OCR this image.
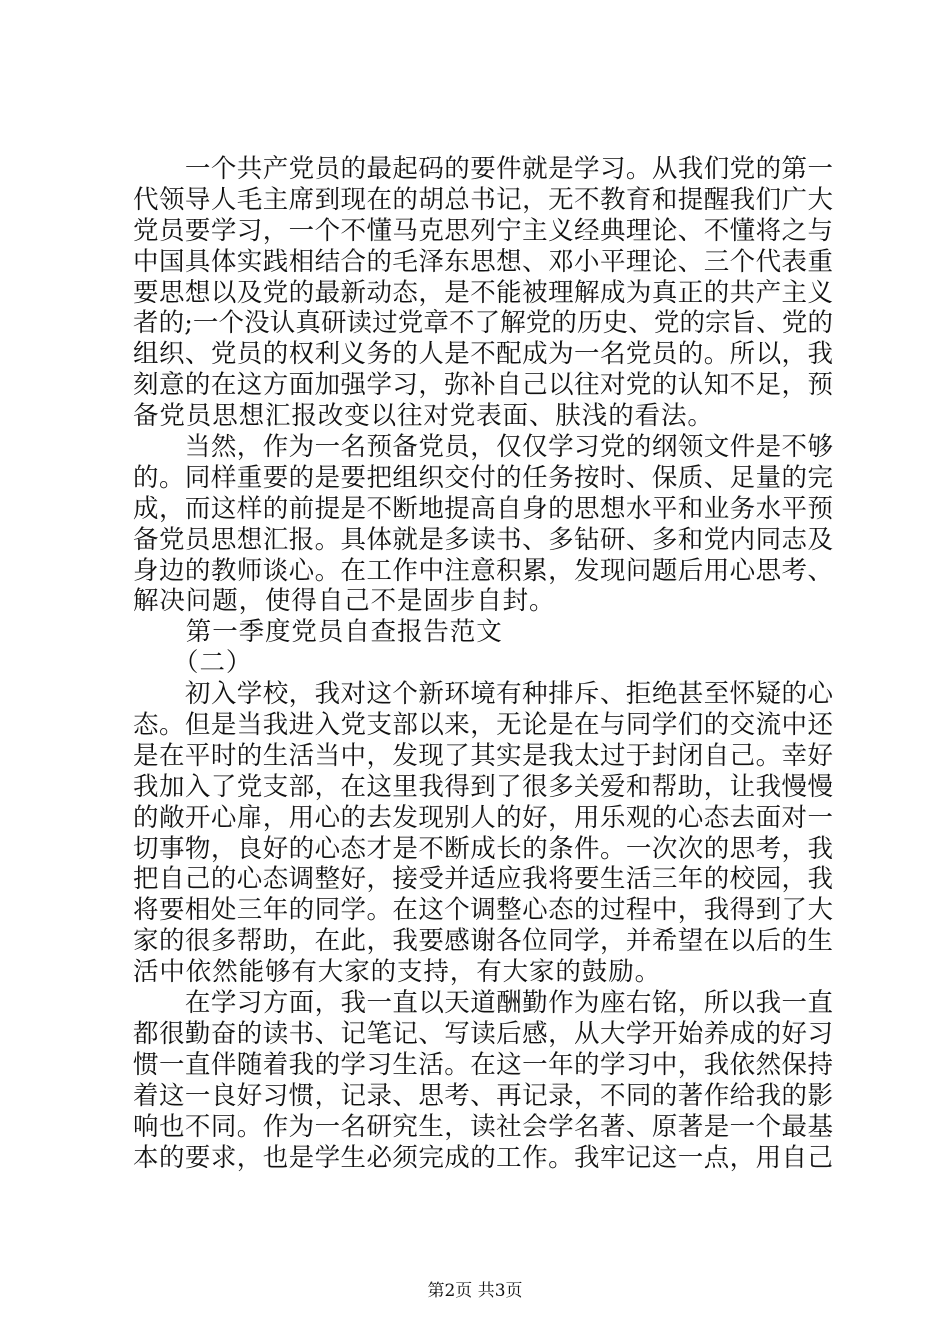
　　一个共产党员的最起码的要件就是学习。从我们党的第一
代领导人毛主席到现在的胡总书记，无不教育和提醒我们广大
党员要学习，一个不懂马克思列宁主义经典理论、不懂将之与
中国具体实践相结合的毛泽东思想、邓小平理论、三个代表重
要思想以及党的最新动态，是不能被理解成为真正的共产主义
者的;一个没认真研读过党章不了解党的历史、党的宗旨、党的
组织、党员的权利义务的人是不配成为一名党员的。所以，我
刻意的在这方面加强学习，弥补自己以往对党的认知不足，预
备党员思想汇报改变以往对党表面、肤浅的看法。
　　当然，作为一名预备党员，仅仅学习党的纲领文件是不够
的。同样重要的是要把组织交付的任务按时、保质、足量的完
成，而这样的前提是不断地提高自身的思想水平和业务水平预
备党员思想汇报。具体就是多读书、多钻研、多和党内同志及
身边的教师谈心。在工作中注意积累，发现问题后用心思考、
解决问题，使得自己不是固步自封。
　　第一季度党员自查报告范文
　　（二）
　　初入学校，我对这个新环境有种排斥、拒绝甚至怀疑的心
态。但是当我进入党支部以来，无论是在与同学们的交流中还
是在平时的生活当中，发现了其实是我太过于封闭自己。幸好
我加入了党支部，在这里我得到了很多关爱和帮助，让我慢慢
的敞开心扉，用心的去发现别人的好，用乐观的心态去面对一
切事物，良好的心态才是不断成长的条件。一次次的思考，我
把自己的心态调整好，接受并适应我将要生活三年的校园，我
将要相处三年的同学。在这个调整心态的过程中，我得到了大
家的很多帮助，在此，我要感谢各位同学，并希望在以后的生
活中依然能够有大家的支持，有大家的鼓励。
　　在学习方面，我一直以天道酬勤作为座右铭，所以我一直
都很勤奋的读书、记笔记、写读后感，从大学开始养成的好习
惯一直伴随着我的学习生活。在这一年的学习中，我依然保持
着这一良好习惯，记录、思考、再记录，不同的著作给我的影
响也不同。作为一名研究生，读社会学名著、原著是一个最基
本的要求，也是学生必须完成的工作。我牢记这一点，用自己
第2页 共3页
